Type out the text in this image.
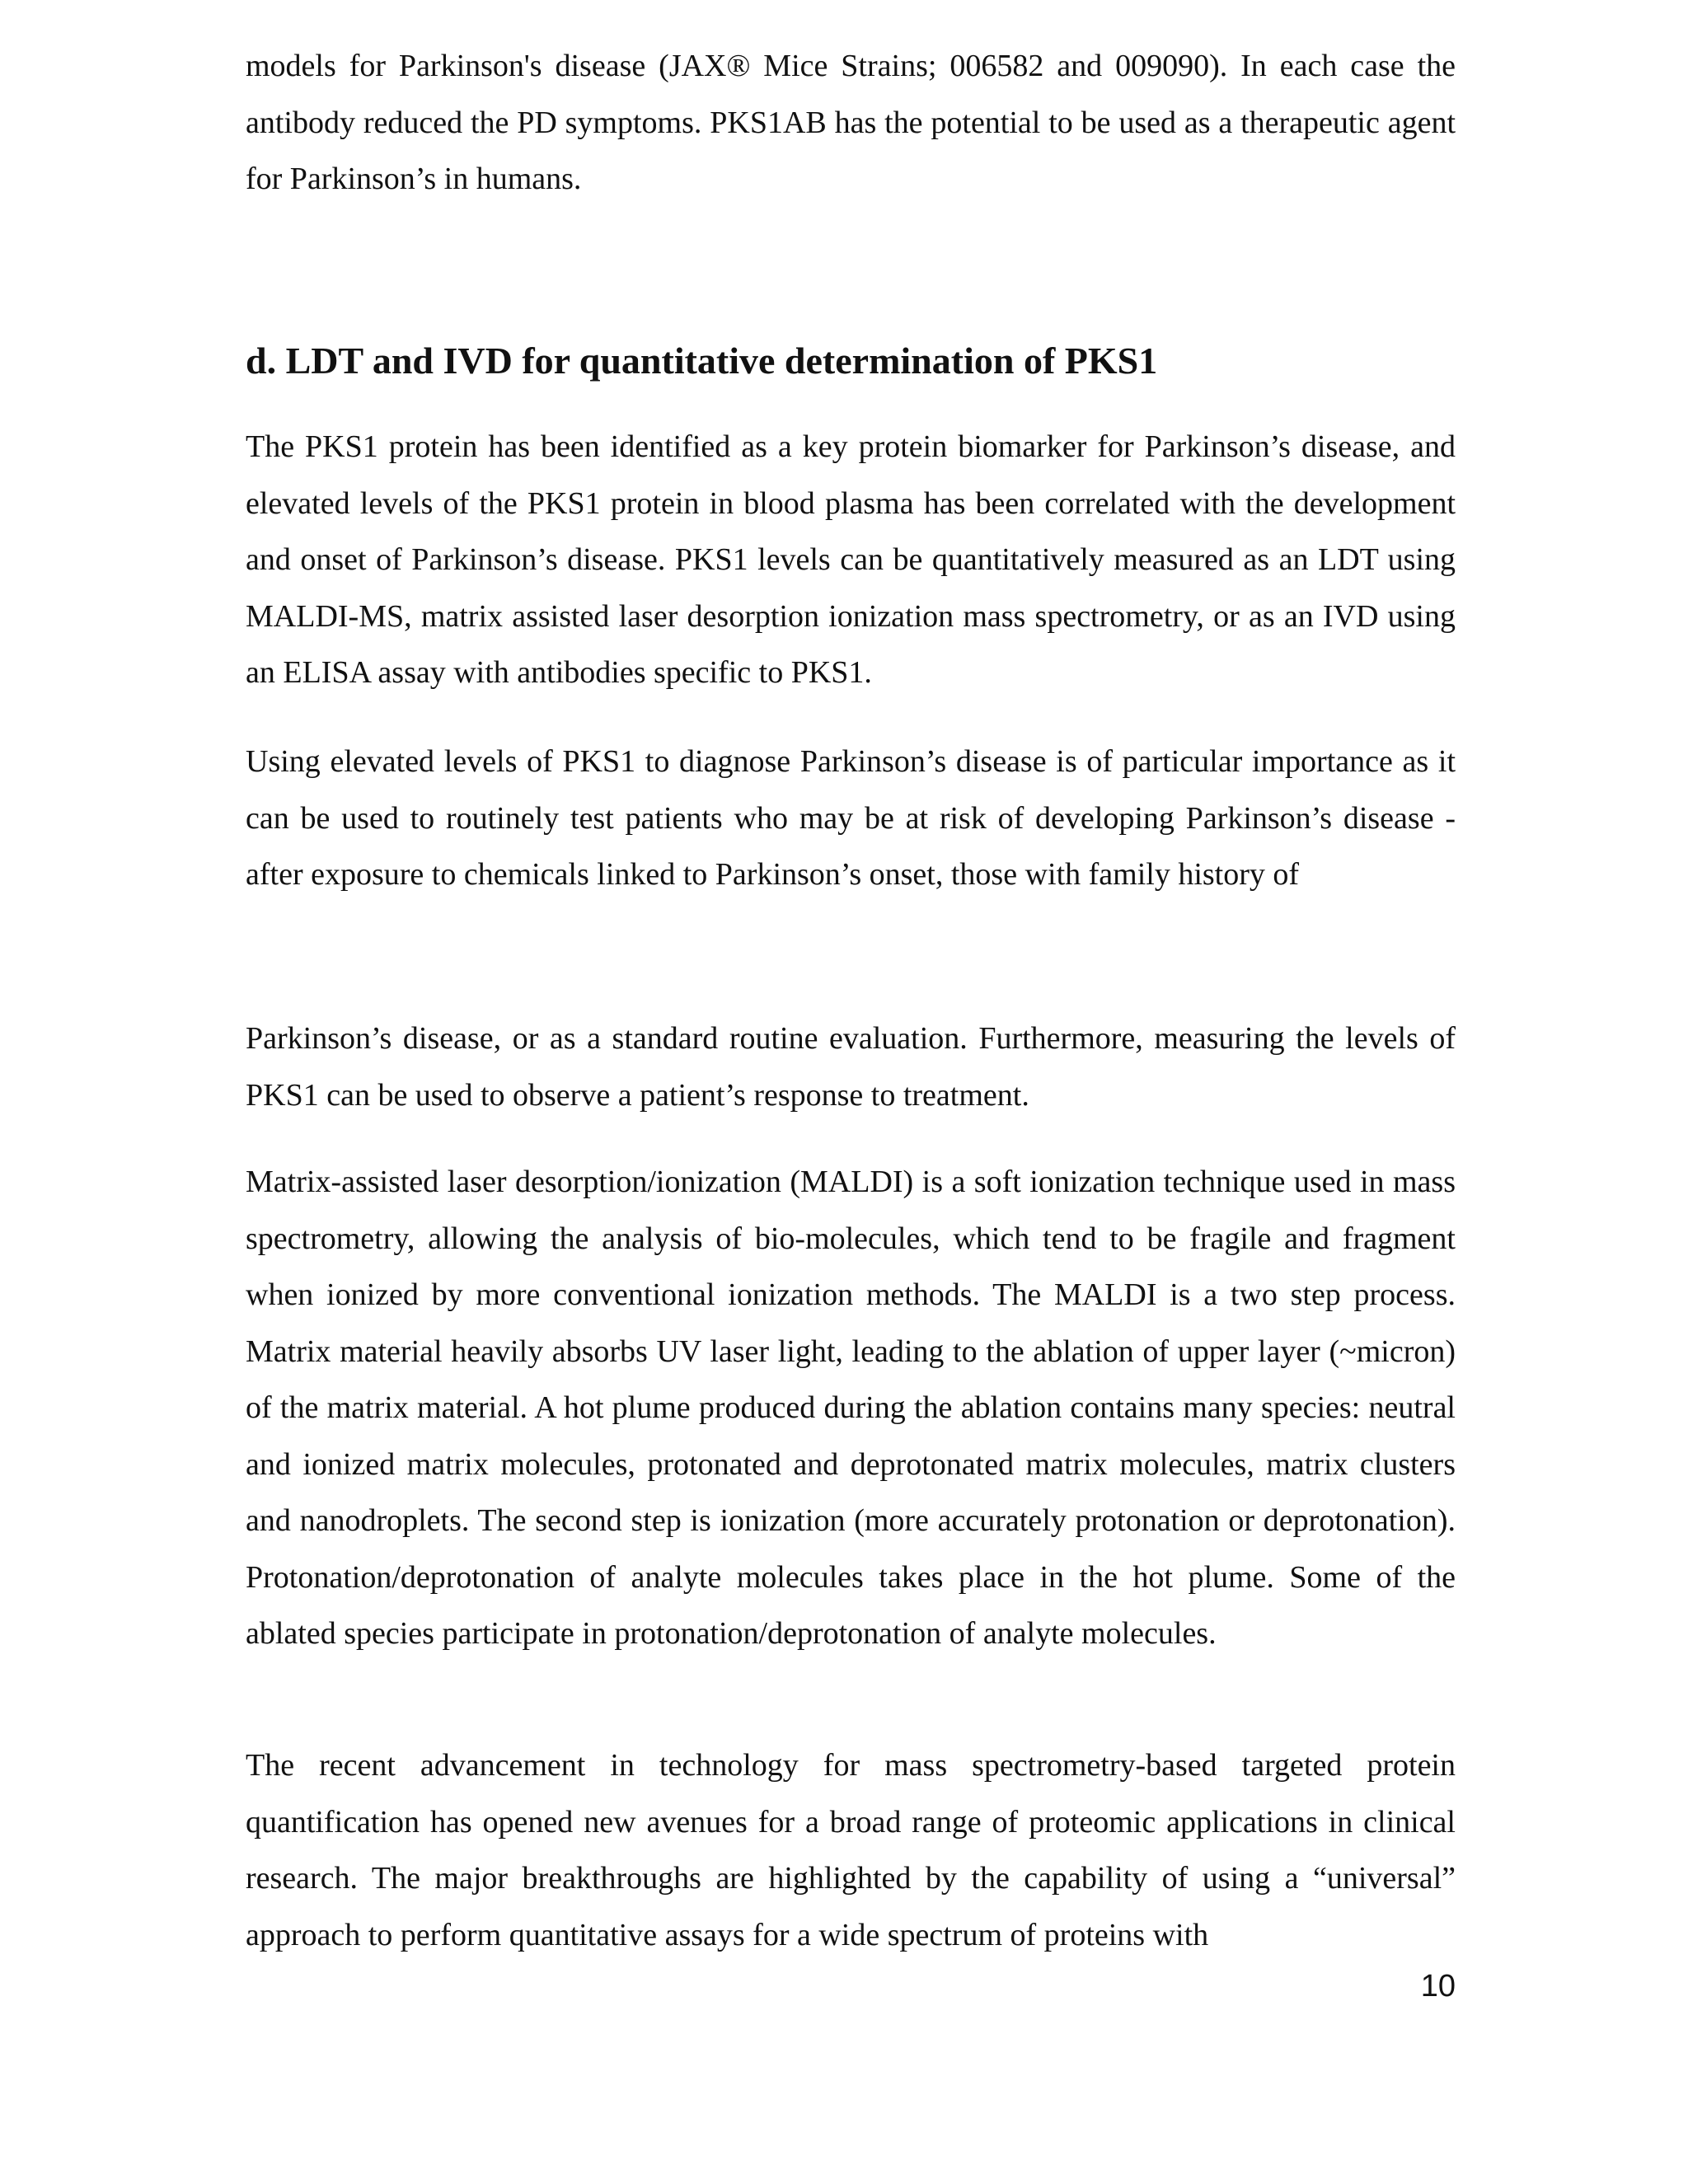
models for Parkinson's disease (JAX® Mice Strains; 006582 and 009090). In each case the antibody reduced the PD symptoms. PKS1AB has the potential to be used as a therapeutic agent for Parkinson’s in humans.

d. LDT and IVD for quantitative determination of PKS1

The PKS1 protein has been identified as a key protein biomarker for Parkinson’s disease, and elevated levels of the PKS1 protein in blood plasma has been correlated with the development and onset of Parkinson’s disease. PKS1 levels can be quantitatively measured as an LDT using MALDI-MS, matrix assisted laser desorption ionization mass spectrometry, or as an IVD using an ELISA assay with antibodies specific to PKS1.

Using elevated levels of PKS1 to diagnose Parkinson’s disease is of particular importance as it can be used to routinely test patients who may be at risk of developing Parkinson’s disease - after exposure to chemicals linked to Parkinson’s onset, those with family history of

Parkinson’s disease, or as a standard routine evaluation. Furthermore, measuring the levels of PKS1 can be used to observe a patient’s response to treatment.

Matrix-assisted laser desorption/ionization (MALDI) is a soft ionization technique used in mass spectrometry, allowing the analysis of bio-molecules, which tend to be fragile and fragment when ionized by more conventional ionization methods. The MALDI is a two step process. Matrix material heavily absorbs UV laser light, leading to the ablation of upper layer (~micron) of the matrix material. A hot plume produced during the ablation contains many species: neutral and ionized matrix molecules, protonated and deprotonated matrix molecules, matrix clusters and nanodroplets. The second step is ionization (more accurately protonation or deprotonation). Protonation/deprotonation of analyte molecules takes place in the hot plume. Some of the ablated species participate in protonation/deprotonation of analyte molecules.

The recent advancement in technology for mass spectrometry-based targeted protein quantification has opened new avenues for a broad range of proteomic applications in clinical research. The major breakthroughs are highlighted by the capability of using a “universal” approach to perform quantitative assays for a wide spectrum of proteins with

10
